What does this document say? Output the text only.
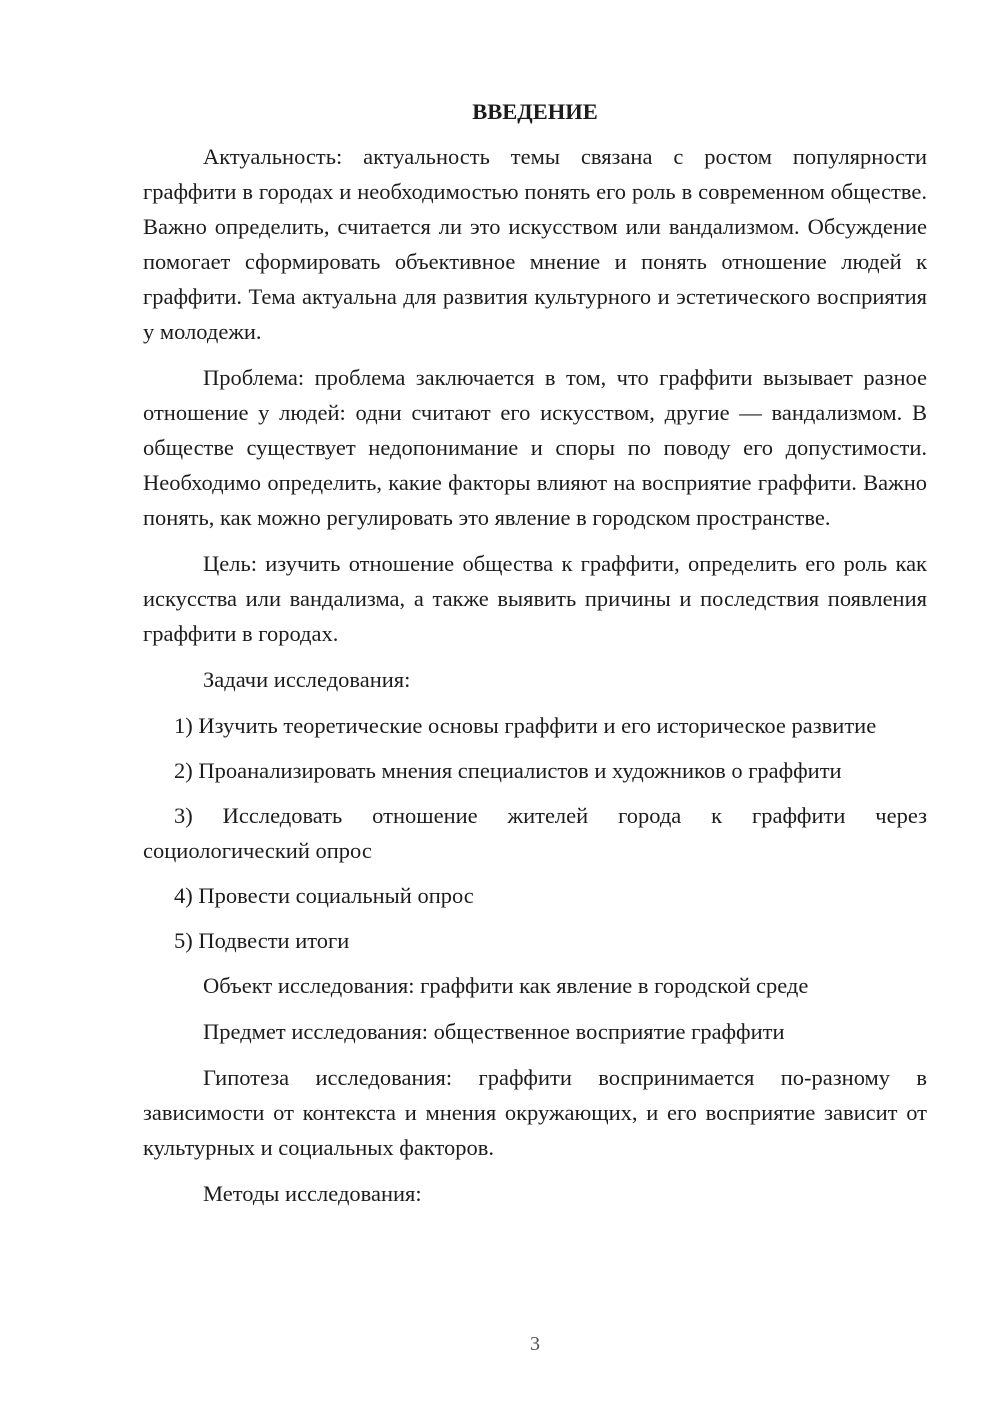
ВВЕДЕНИЕ
Актуальность: актуальность темы связана с ростом популярности граффити в городах и необходимостью понять его роль в современном обществе. Важно определить, считается ли это искусством или вандализмом. Обсуждение помогает сформировать объективное мнение и понять отношение людей к граффити. Тема актуальна для развития культурного и эстетического восприятия у молодежи.
Проблема: проблема заключается в том, что граффити вызывает разное отношение у людей: одни считают его искусством, другие — вандализмом. В обществе существует недопонимание и споры по поводу его допустимости. Необходимо определить, какие факторы влияют на восприятие граффити. Важно понять, как можно регулировать это явление в городском пространстве.
Цель: изучить отношение общества к граффити, определить его роль как искусства или вандализма, а также выявить причины и последствия появления граффити в городах.
Задачи исследования:
1) Изучить теоретические основы граффити и его историческое развитие
2) Проанализировать мнения специалистов и художников о граффити
3) Исследовать отношение жителей города к граффити через социологический опрос
4) Провести социальный опрос
5) Подвести итоги
Объект исследования: граффити как явление в городской среде
Предмет исследования: общественное восприятие граффити
Гипотеза исследования: граффити воспринимается по-разному в зависимости от контекста и мнения окружающих, и его восприятие зависит от культурных и социальных факторов.
Методы исследования:
3
